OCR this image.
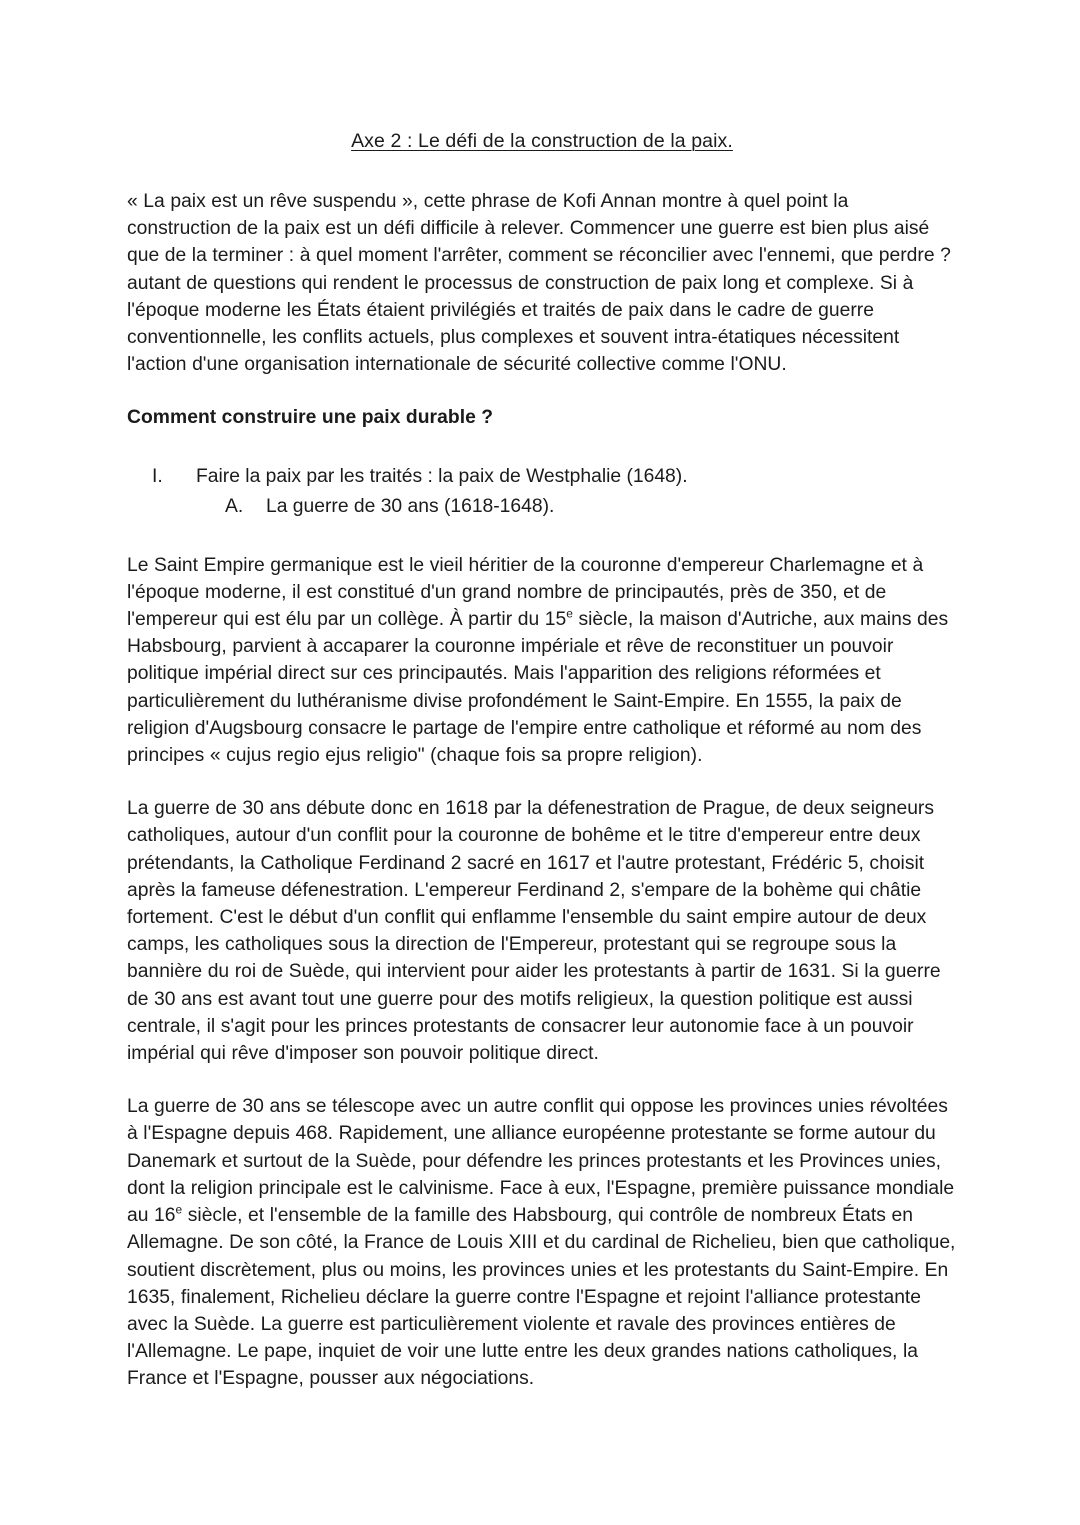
Axe 2 : Le défi de la construction de la paix.

« La paix est un rêve suspendu », cette phrase de Kofi Annan montre à quel point la construction de la paix est un défi difficile à relever. Commencer une guerre est bien plus aisé que de la terminer : à quel moment l'arrêter, comment se réconcilier avec l'ennemi, que perdre ? autant de questions qui rendent le processus de construction de paix long et complexe. Si à l'époque moderne les États étaient privilégiés et traités de paix dans le cadre de guerre conventionnelle, les conflits actuels, plus complexes et souvent intra-étatiques nécessitent l'action d'une organisation internationale de sécurité collective comme l'ONU.

Comment construire une paix durable ?

I.	Faire la paix par les traités : la paix de Westphalie (1648).
A.	La guerre de 30 ans (1618-1648).

Le Saint Empire germanique est le vieil héritier de la couronne d'empereur Charlemagne et à l'époque moderne, il est constitué d'un grand nombre de principautés, près de 350, et de l'empereur qui est élu par un collège. À partir du 15e siècle, la maison d'Autriche, aux mains des Habsbourg, parvient à accaparer la couronne impériale et rêve de reconstituer un pouvoir politique impérial direct sur ces principautés. Mais l'apparition des religions réformées et particulièrement du luthéranisme divise profondément le Saint-Empire. En 1555, la paix de religion d'Augsbourg consacre le partage de l'empire entre catholique et réformé au nom des principes « cujus regio ejus religio" (chaque fois sa propre religion).

La guerre de 30 ans débute donc en 1618 par la défenestration de Prague, de deux seigneurs catholiques, autour d'un conflit pour la couronne de bohême et le titre d'empereur entre deux prétendants, la Catholique Ferdinand 2 sacré en 1617 et l'autre protestant, Frédéric 5, choisit après la fameuse défenestration. L'empereur Ferdinand 2, s'empare de la bohème qui châtie fortement. C'est le début d'un conflit qui enflamme l'ensemble du saint empire autour de deux camps, les catholiques sous la direction de l'Empereur, protestant qui se regroupe sous la bannière du roi de Suède, qui intervient pour aider les protestants à partir de 1631. Si la guerre de 30 ans est avant tout une guerre pour des motifs religieux, la question politique est aussi centrale, il s'agit pour les princes protestants de consacrer leur autonomie face à un pouvoir impérial qui rêve d'imposer son pouvoir politique direct.

La guerre de 30 ans se télescope avec un autre conflit qui oppose les provinces unies révoltées à l'Espagne depuis 468. Rapidement, une alliance européenne protestante se forme autour du Danemark et surtout de la Suède, pour défendre les princes protestants et les Provinces unies, dont la religion principale est le calvinisme. Face à eux, l'Espagne, première puissance mondiale au 16e siècle, et l'ensemble de la famille des Habsbourg, qui contrôle de nombreux États en Allemagne. De son côté, la France de Louis XIII et du cardinal de Richelieu, bien que catholique, soutient discrètement, plus ou moins, les provinces unies et les protestants du Saint-Empire. En 1635, finalement, Richelieu déclare la guerre contre l'Espagne et rejoint l'alliance protestante avec la Suède. La guerre est particulièrement violente et ravale des provinces entières de l'Allemagne. Le pape, inquiet de voir une lutte entre les deux grandes nations catholiques, la France et l'Espagne, pousser aux négociations.
